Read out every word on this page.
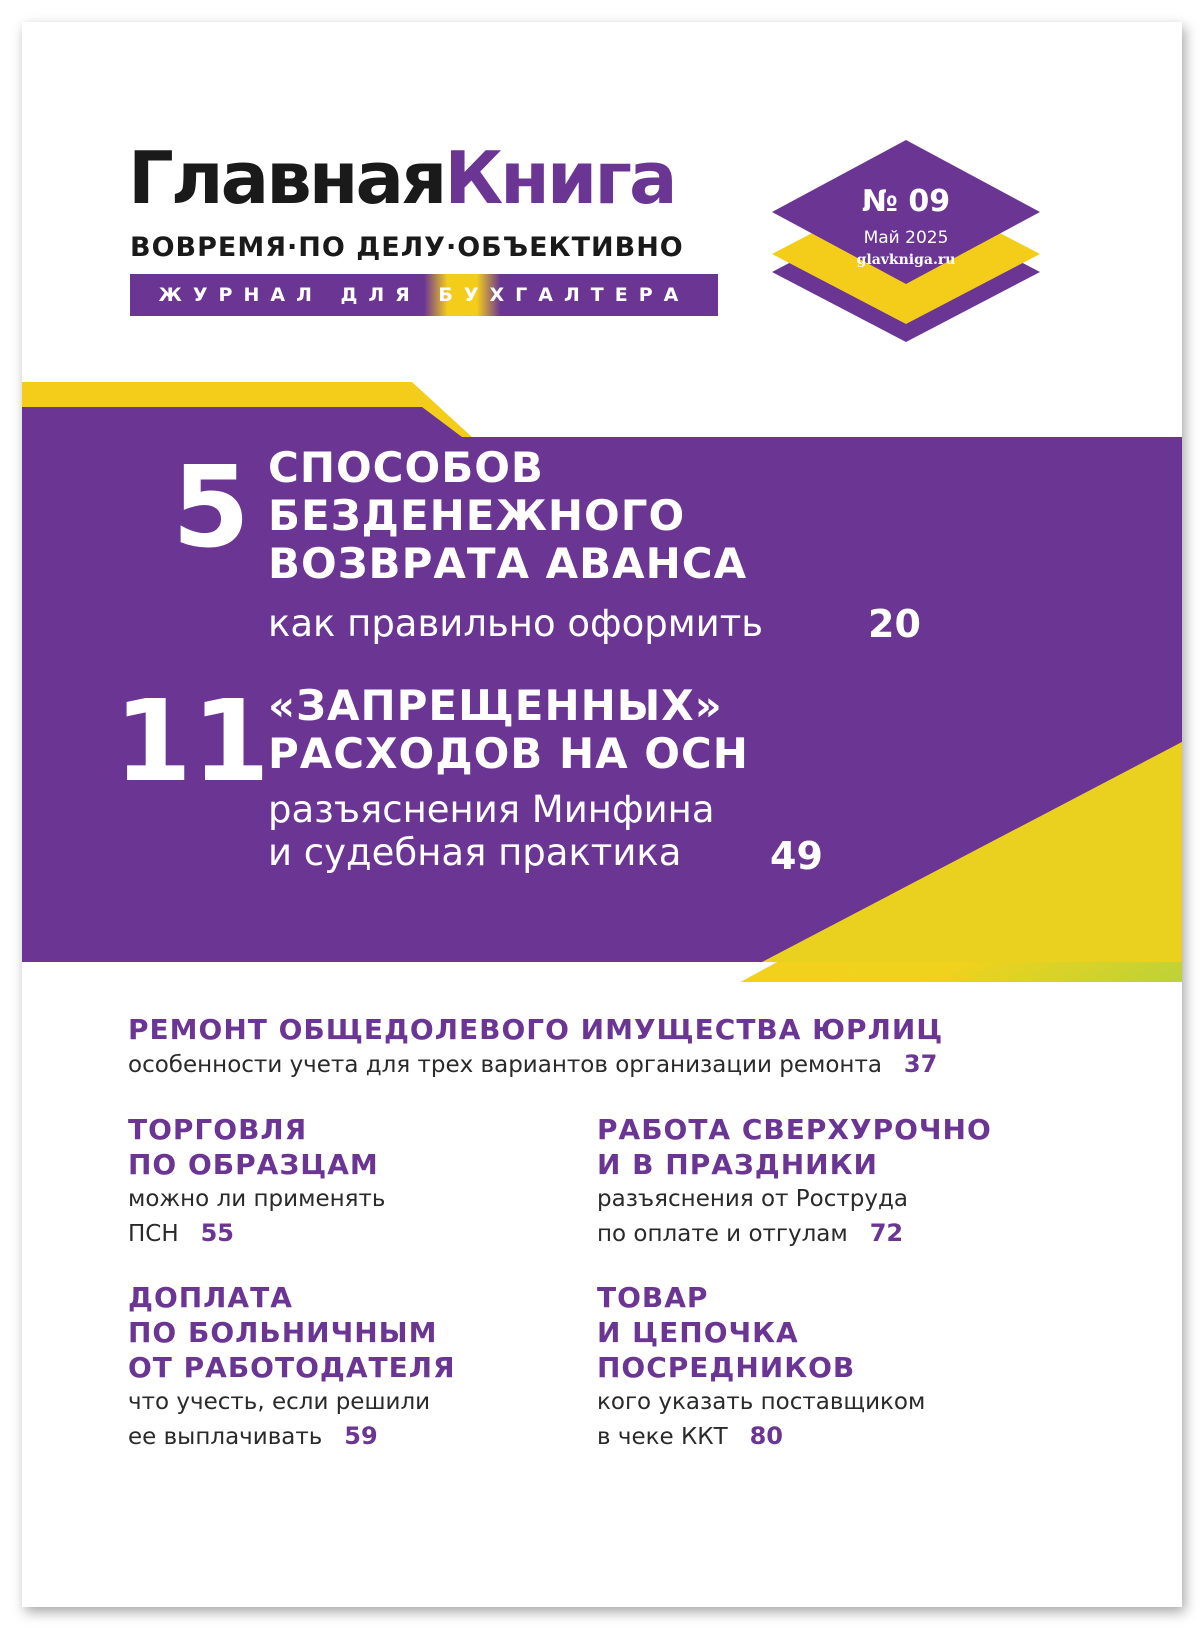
ГлавнаяКнига
ВОВРЕМЯ·ПО ДЕЛУ·ОБЪЕКТИВНО
ЖУРНАЛ ДЛЯ БУХГАЛТЕРА
№ 09
Май 2025
glavkniga.ru
5 СПОСОБОВ
БЕЗДЕНЕЖНОГО
ВОЗВРАТА АВАНСА
как правильно оформить	20
11
«ЗАПРЕЩЕННЫХ»
РАСХОДОВ НА ОСН
разъяснения Минфина
и судебная практика	49
РЕМОНТ ОБЩЕДОЛЕВОГО ИМУЩЕСТВА ЮРЛИЦ
особенности учета для трех вариантов организации ремонта 37
ТОРГОВЛЯ
ПО ОБРАЗЦАМ
можно ли применять
ПСН 55
РАБОТА СВЕРХУРОЧНО
И В ПРАЗДНИКИ
разъяснения от Роструда
по оплате и отгулам 72
ДОПЛАТА
ПО БОЛЬНИЧНЫМ
ОТ РАБОТОДАТЕЛЯ
что учесть, если решили
ее выплачивать 59
ТОВАР
И ЦЕПОЧКА
ПОСРЕДНИКОВ
кого указать поставщиком
в чеке ККТ 80
